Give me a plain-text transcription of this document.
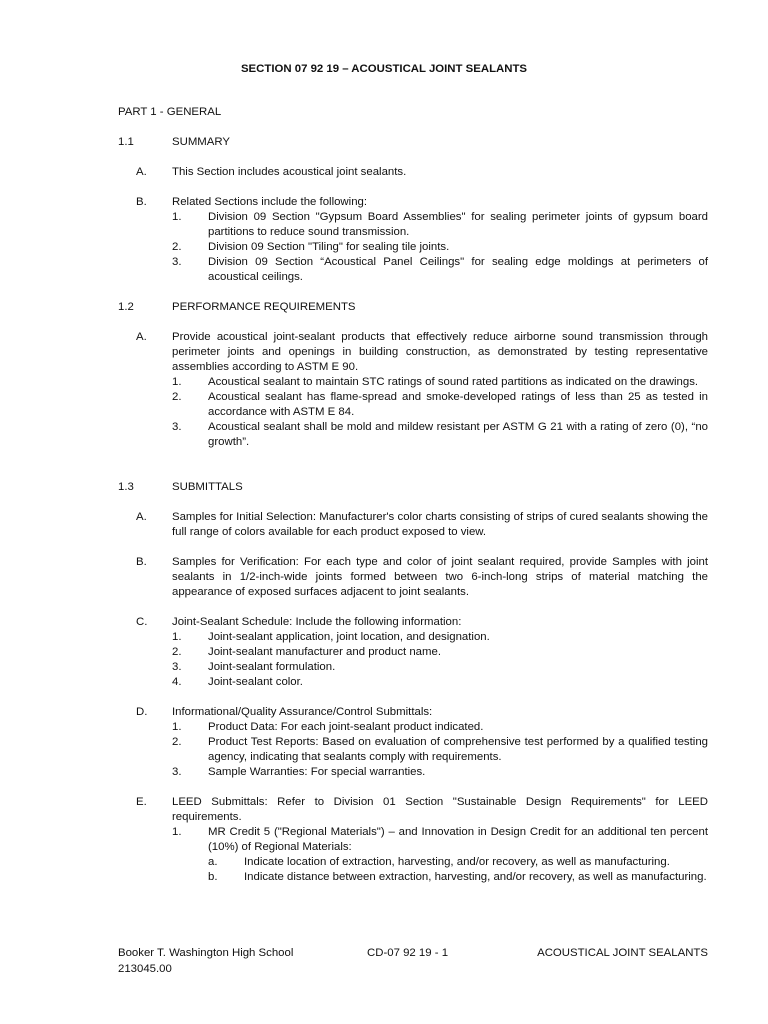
SECTION 07 92 19 – ACOUSTICAL JOINT SEALANTS
PART 1 - GENERAL
1.1	SUMMARY
A. This Section includes acoustical joint sealants.
B. Related Sections include the following:
1. Division 09 Section "Gypsum Board Assemblies" for sealing perimeter joints of gypsum board partitions to reduce sound transmission.
2. Division 09 Section "Tiling" for sealing tile joints.
3. Division 09 Section “Acoustical Panel Ceilings" for sealing edge moldings at perimeters of acoustical ceilings.
1.2	PERFORMANCE REQUIREMENTS
A. Provide acoustical joint-sealant products that effectively reduce airborne sound transmission through perimeter joints and openings in building construction, as demonstrated by testing representative assemblies according to ASTM E 90.
1. Acoustical sealant to maintain STC ratings of sound rated partitions as indicated on the drawings.
2. Acoustical sealant has flame-spread and smoke-developed ratings of less than 25 as tested in accordance with ASTM E 84.
3. Acoustical sealant shall be mold and mildew resistant per ASTM G 21 with a rating of zero (0), “no growth”.
1.3	SUBMITTALS
A. Samples for Initial Selection: Manufacturer's color charts consisting of strips of cured sealants showing the full range of colors available for each product exposed to view.
B. Samples for Verification: For each type and color of joint sealant required, provide Samples with joint sealants in 1/2-inch-wide joints formed between two 6-inch-long strips of material matching the appearance of exposed surfaces adjacent to joint sealants.
C. Joint-Sealant Schedule: Include the following information:
1. Joint-sealant application, joint location, and designation.
2. Joint-sealant manufacturer and product name.
3. Joint-sealant formulation.
4. Joint-sealant color.
D. Informational/Quality Assurance/Control Submittals:
1. Product Data: For each joint-sealant product indicated.
2. Product Test Reports: Based on evaluation of comprehensive test performed by a qualified testing agency, indicating that sealants comply with requirements.
3. Sample Warranties: For special warranties.
E. LEED Submittals: Refer to Division 01 Section "Sustainable Design Requirements" for LEED requirements.
1. MR Credit 5 ("Regional Materials") – and Innovation in Design Credit for an additional ten percent (10%) of Regional Materials:
a. Indicate location of extraction, harvesting, and/or recovery, as well as manufacturing.
b. Indicate distance between extraction, harvesting, and/or recovery, as well as manufacturing.
Booker T. Washington High School
213045.00
CD-07 92 19 - 1	ACOUSTICAL JOINT SEALANTS
